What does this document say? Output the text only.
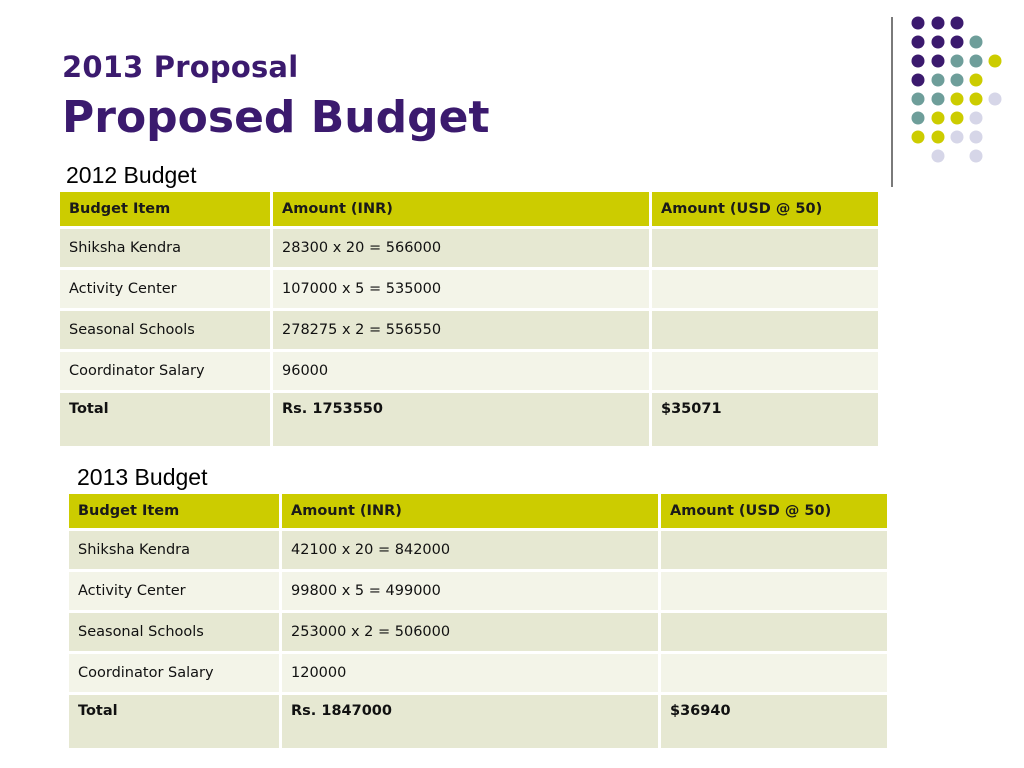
2013 Proposal
Proposed Budget
2012 Budget
Budget Item	Amount (INR)	Amount (USD @ 50)
Shiksha Kendra	28300 x 20 = 566000	
Activity Center	107000 x 5 = 535000	
Seasonal Schools	278275 x 2 = 556550	
Coordinator Salary	96000	
Total	Rs. 1753550	$35071
2013 Budget
Budget Item	Amount (INR)	Amount (USD @ 50)
Shiksha Kendra	42100 x 20 = 842000	
Activity Center	99800 x 5 = 499000	
Seasonal Schools	253000 x 2 = 506000	
Coordinator Salary	120000	
Total	Rs. 1847000	$36940
